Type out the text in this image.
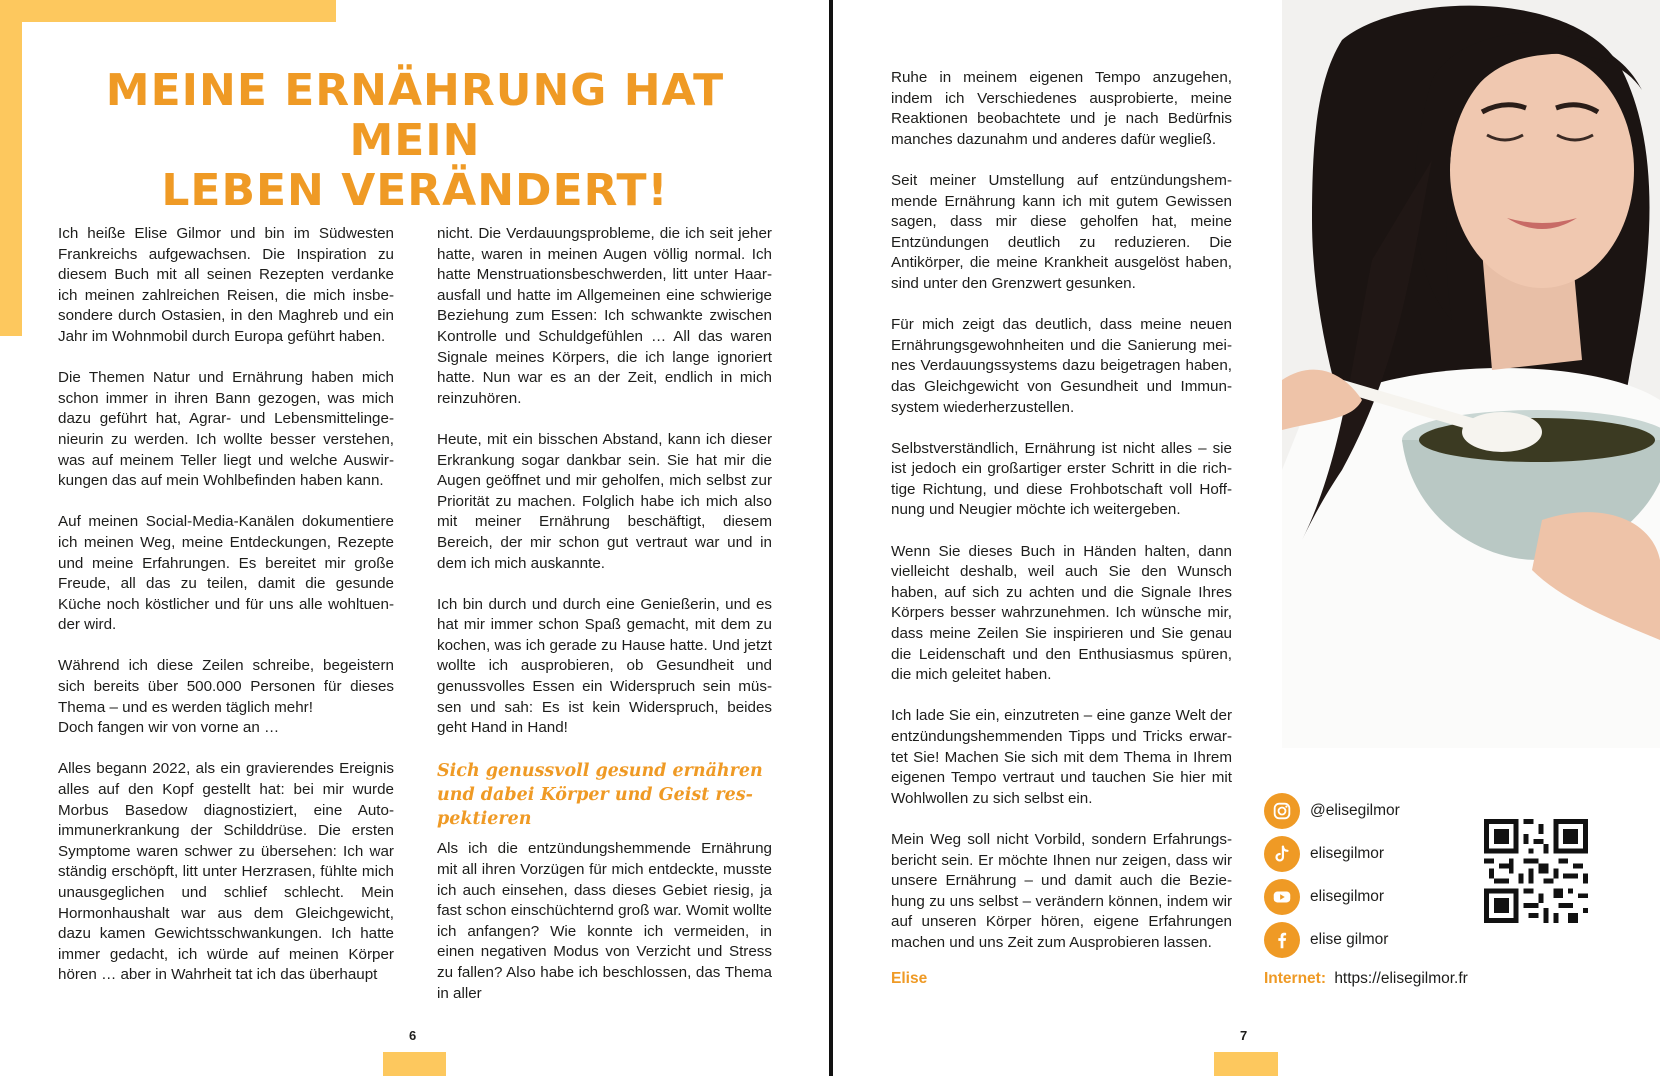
MEINE ERNÄHRUNG HAT MEIN
LEBEN VERÄNDERT!

Ich heiße Elise Gilmor und bin im Südwesten Frankreichs aufgewachsen. Die Inspiration zu diesem Buch mit all seinen Rezepten verdanke ich meinen zahlreichen Reisen, die mich insbesondere durch Ostasien, in den Maghreb und ein Jahr im Wohnmobil durch Europa geführt haben.

Die Themen Natur und Ernährung haben mich schon immer in ihren Bann gezogen, was mich dazu geführt hat, Agrar- und Lebensmittelingenieurin zu werden. Ich wollte besser verstehen, was auf meinem Teller liegt und welche Auswirkungen das auf mein Wohlbefinden haben kann.

Auf meinen Social-Media-Kanälen dokumentiere ich meinen Weg, meine Entdeckungen, Rezepte und meine Erfahrungen. Es bereitet mir große Freude, all das zu teilen, damit die gesunde Küche noch köstlicher und für uns alle wohltuender wird.

Während ich diese Zeilen schreibe, begeistern sich bereits über 500.000 Personen für dieses Thema – und es werden täglich mehr!
Doch fangen wir von vorne an …

Alles begann 2022, als ein gravierendes Ereignis alles auf den Kopf gestellt hat: bei mir wurde Morbus Basedow diagnostiziert, eine Autoimmunerkrankung der Schilddrüse. Die ersten Symptome waren schwer zu übersehen: Ich war ständig erschöpft, litt unter Herzrasen, fühlte mich unausgeglichen und schlief schlecht. Mein Hormonhaushalt war aus dem Gleichgewicht, dazu kamen Gewichtsschwankungen. Ich hatte immer gedacht, ich würde auf meinen Körper hören … aber in Wahrheit tat ich das überhaupt

nicht. Die Verdauungsprobleme, die ich seit jeher hatte, waren in meinen Augen völlig normal. Ich hatte Menstruationsbeschwerden, litt unter Haarausfall und hatte im Allgemeinen eine schwierige Beziehung zum Essen: Ich schwankte zwischen Kontrolle und Schuldgefühlen … All das waren Signale meines Körpers, die ich lange ignoriert hatte. Nun war es an der Zeit, endlich in mich reinzuhören.

Heute, mit ein bisschen Abstand, kann ich dieser Erkrankung sogar dankbar sein. Sie hat mir die Augen geöffnet und mir geholfen, mich selbst zur Priorität zu machen. Folglich habe ich mich also mit meiner Ernährung beschäftigt, diesem Bereich, der mir schon gut vertraut war und in dem ich mich auskannte.

Ich bin durch und durch eine Genießerin, und es hat mir immer schon Spaß gemacht, mit dem zu kochen, was ich gerade zu Hause hatte. Und jetzt wollte ich ausprobieren, ob Gesundheit und genussvolles Essen ein Widerspruch sein müssen und sah: Es ist kein Widerspruch, beides geht Hand in Hand!

Sich genussvoll gesund ernähren und dabei Körper und Geist respektieren

Als ich die entzündungshemmende Ernährung mit all ihren Vorzügen für mich entdeckte, musste ich auch einsehen, dass dieses Gebiet riesig, ja fast schon einschüchternd groß war. Womit wollte ich anfangen? Wie konnte ich vermeiden, in einen negativen Modus von Verzicht und Stress zu fallen? Also habe ich beschlossen, das Thema in aller

6

Ruhe in meinem eigenen Tempo anzugehen, indem ich Verschiedenes ausprobierte, meine Reaktionen beobachtete und je nach Bedürfnis manches dazunahm und anderes dafür wegließ.

Seit meiner Umstellung auf entzündungshemmende Ernährung kann ich mit gutem Gewissen sagen, dass mir diese geholfen hat, meine Entzündungen deutlich zu reduzieren. Die Antikörper, die meine Krankheit ausgelöst haben, sind unter den Grenzwert gesunken.

Für mich zeigt das deutlich, dass meine neuen Ernährungsgewohnheiten und die Sanierung meines Verdauungssystems dazu beigetragen haben, das Gleichgewicht von Gesundheit und Immunsystem wiederherzustellen.

Selbstverständlich, Ernährung ist nicht alles – sie ist jedoch ein großartiger erster Schritt in die richtige Richtung, und diese Frohbotschaft voll Hoffnung und Neugier möchte ich weitergeben.

Wenn Sie dieses Buch in Händen halten, dann vielleicht deshalb, weil auch Sie den Wunsch haben, auf sich zu achten und die Signale Ihres Körpers besser wahrzunehmen. Ich wünsche mir, dass meine Zeilen Sie inspirieren und Sie genau die Leidenschaft und den Enthusiasmus spüren, die mich geleitet haben.

Ich lade Sie ein, einzutreten – eine ganze Welt der entzündungshemmenden Tipps und Tricks erwartet Sie! Machen Sie sich mit dem Thema in Ihrem eigenen Tempo vertraut und tauchen Sie hier mit Wohlwollen zu sich selbst ein.

Mein Weg soll nicht Vorbild, sondern Erfahrungsbericht sein. Er möchte Ihnen nur zeigen, dass wir unsere Ernährung – und damit auch die Beziehung zu uns selbst – verändern können, indem wir auf unseren Körper hören, eigene Erfahrungen machen und uns Zeit zum Ausprobieren lassen.

Elise
@elisegilmor
elisegilmor
elisegilmor
elise gilmor
Internet: https://elisegilmor.fr
7
